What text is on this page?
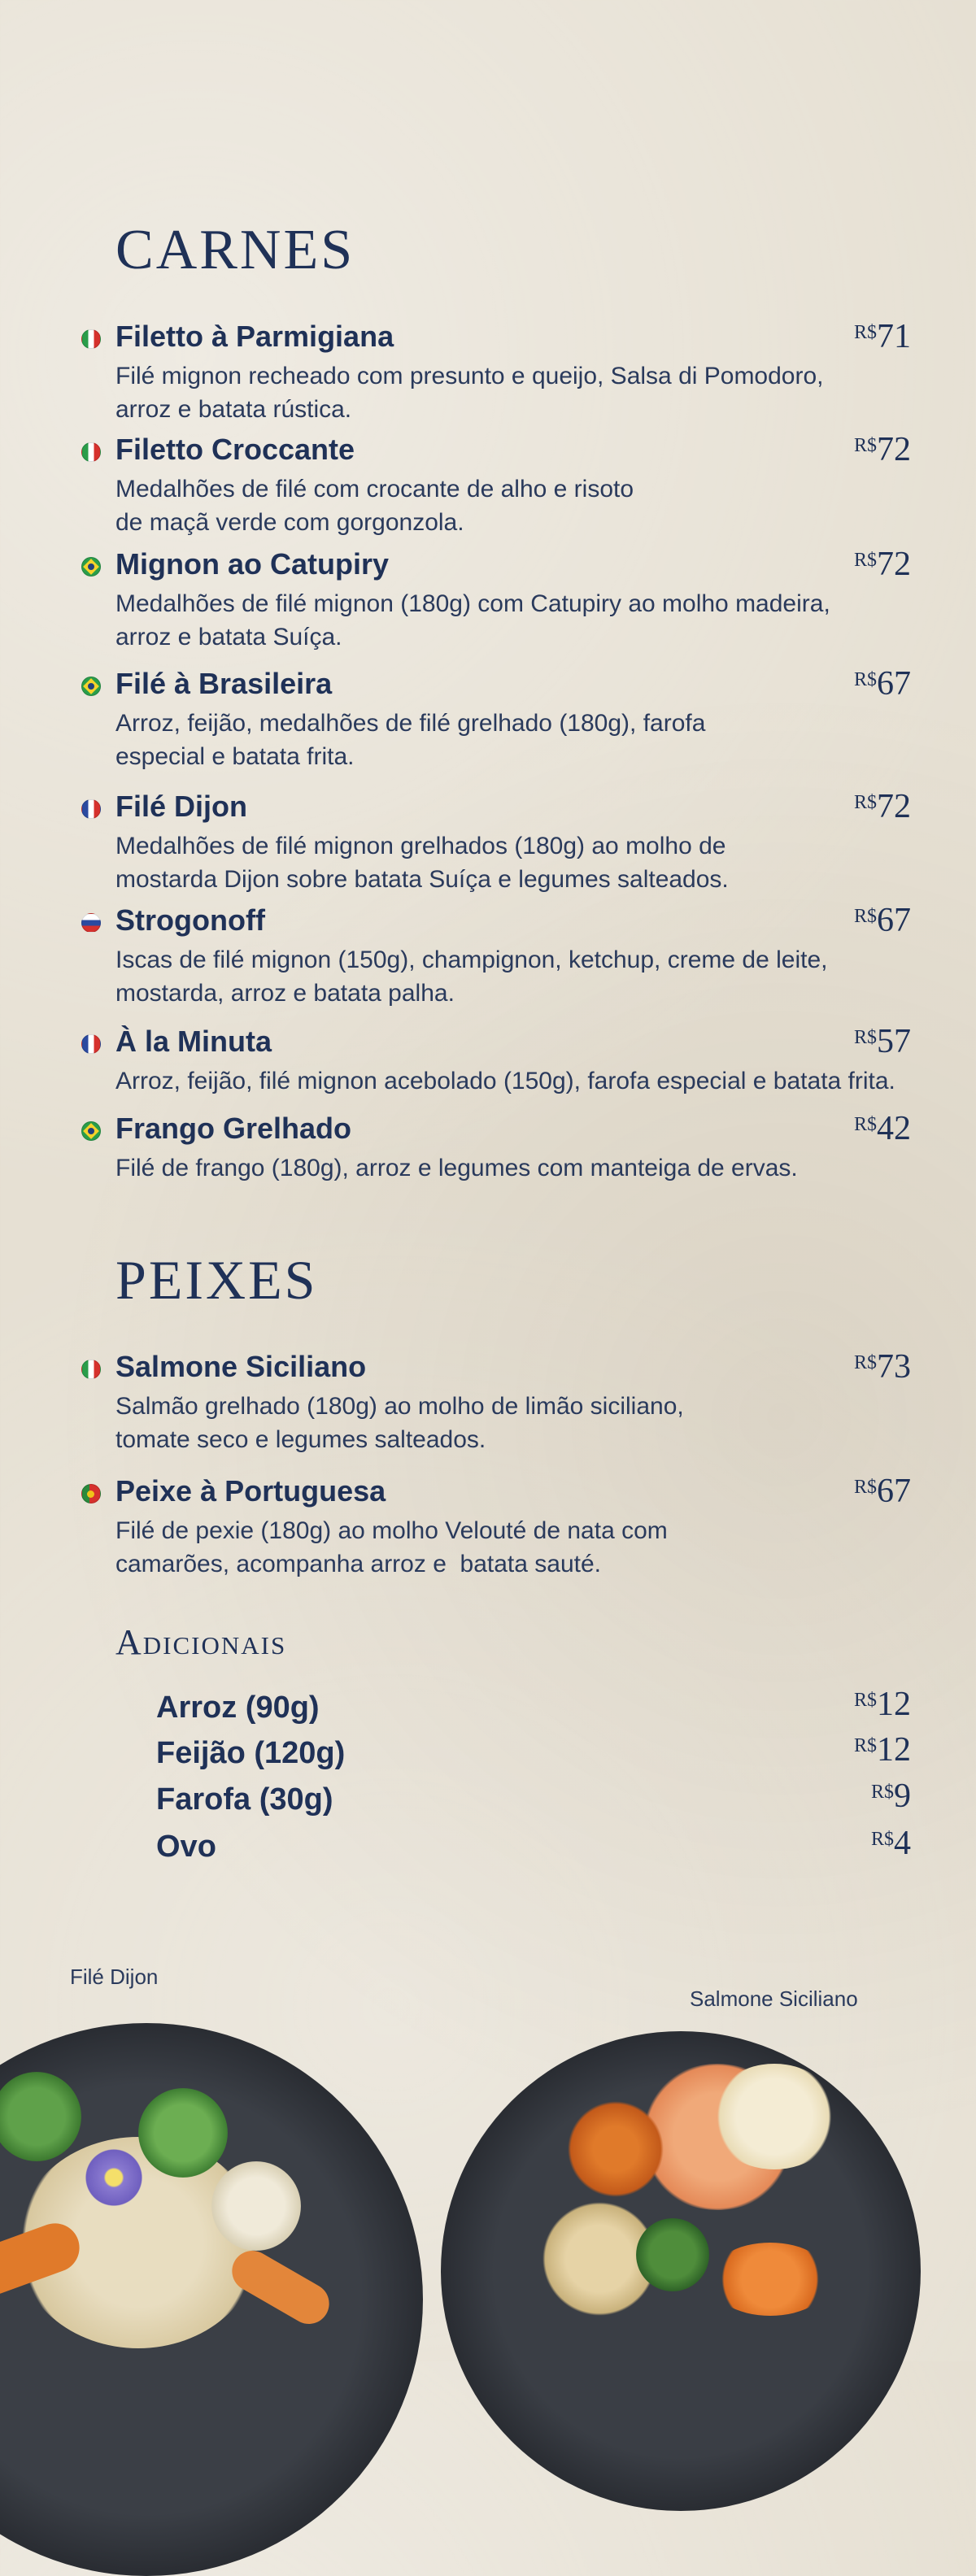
CARNES
PEIXES
Adicionais
Filetto à Parmigiana	R$71

Filé mignon recheado com presunto e queijo, Salsa di Pomodoro, arroz e batata rústica.

Filetto Croccante	R$72

Medalhões de filé com crocante de alho e risoto de maçã verde com gorgonzola.

Mignon ao Catupiry	R$72

Medalhões de filé mignon (180g) com Catupiry ao molho madeira, arroz e batata Suíça.

Filé à Brasileira	R$67

Arroz, feijão, medalhões de filé grelhado (180g), farofa especial e batata frita.

Filé Dijon	R$72

Medalhões de filé mignon grelhados (180g) ao molho de mostarda Dijon sobre batata Suíça e legumes salteados.

Strogonoff	R$67

Iscas de filé mignon (150g), champignon, ketchup, creme de leite, mostarda, arroz e batata palha.

À la Minuta	R$57

Arroz, feijão, filé mignon acebolado (150g), farofa especial e batata frita.

Frango Grelhado	R$42

Filé de frango (180g), arroz e legumes com manteiga de ervas.

Salmone Siciliano	R$73

Salmão grelhado (180g) ao molho de limão siciliano, tomate seco e legumes salteados.

Peixe à Portuguesa	R$67

Filé de pexie (180g) ao molho Velouté de nata com camarões, acompanha arroz e  batata sauté.

Arroz (90g)	R$12
Feijão (120g)	R$12
Farofa (30g)	R$9
Ovo	R$4
Filé Dijon
Salmone Siciliano
